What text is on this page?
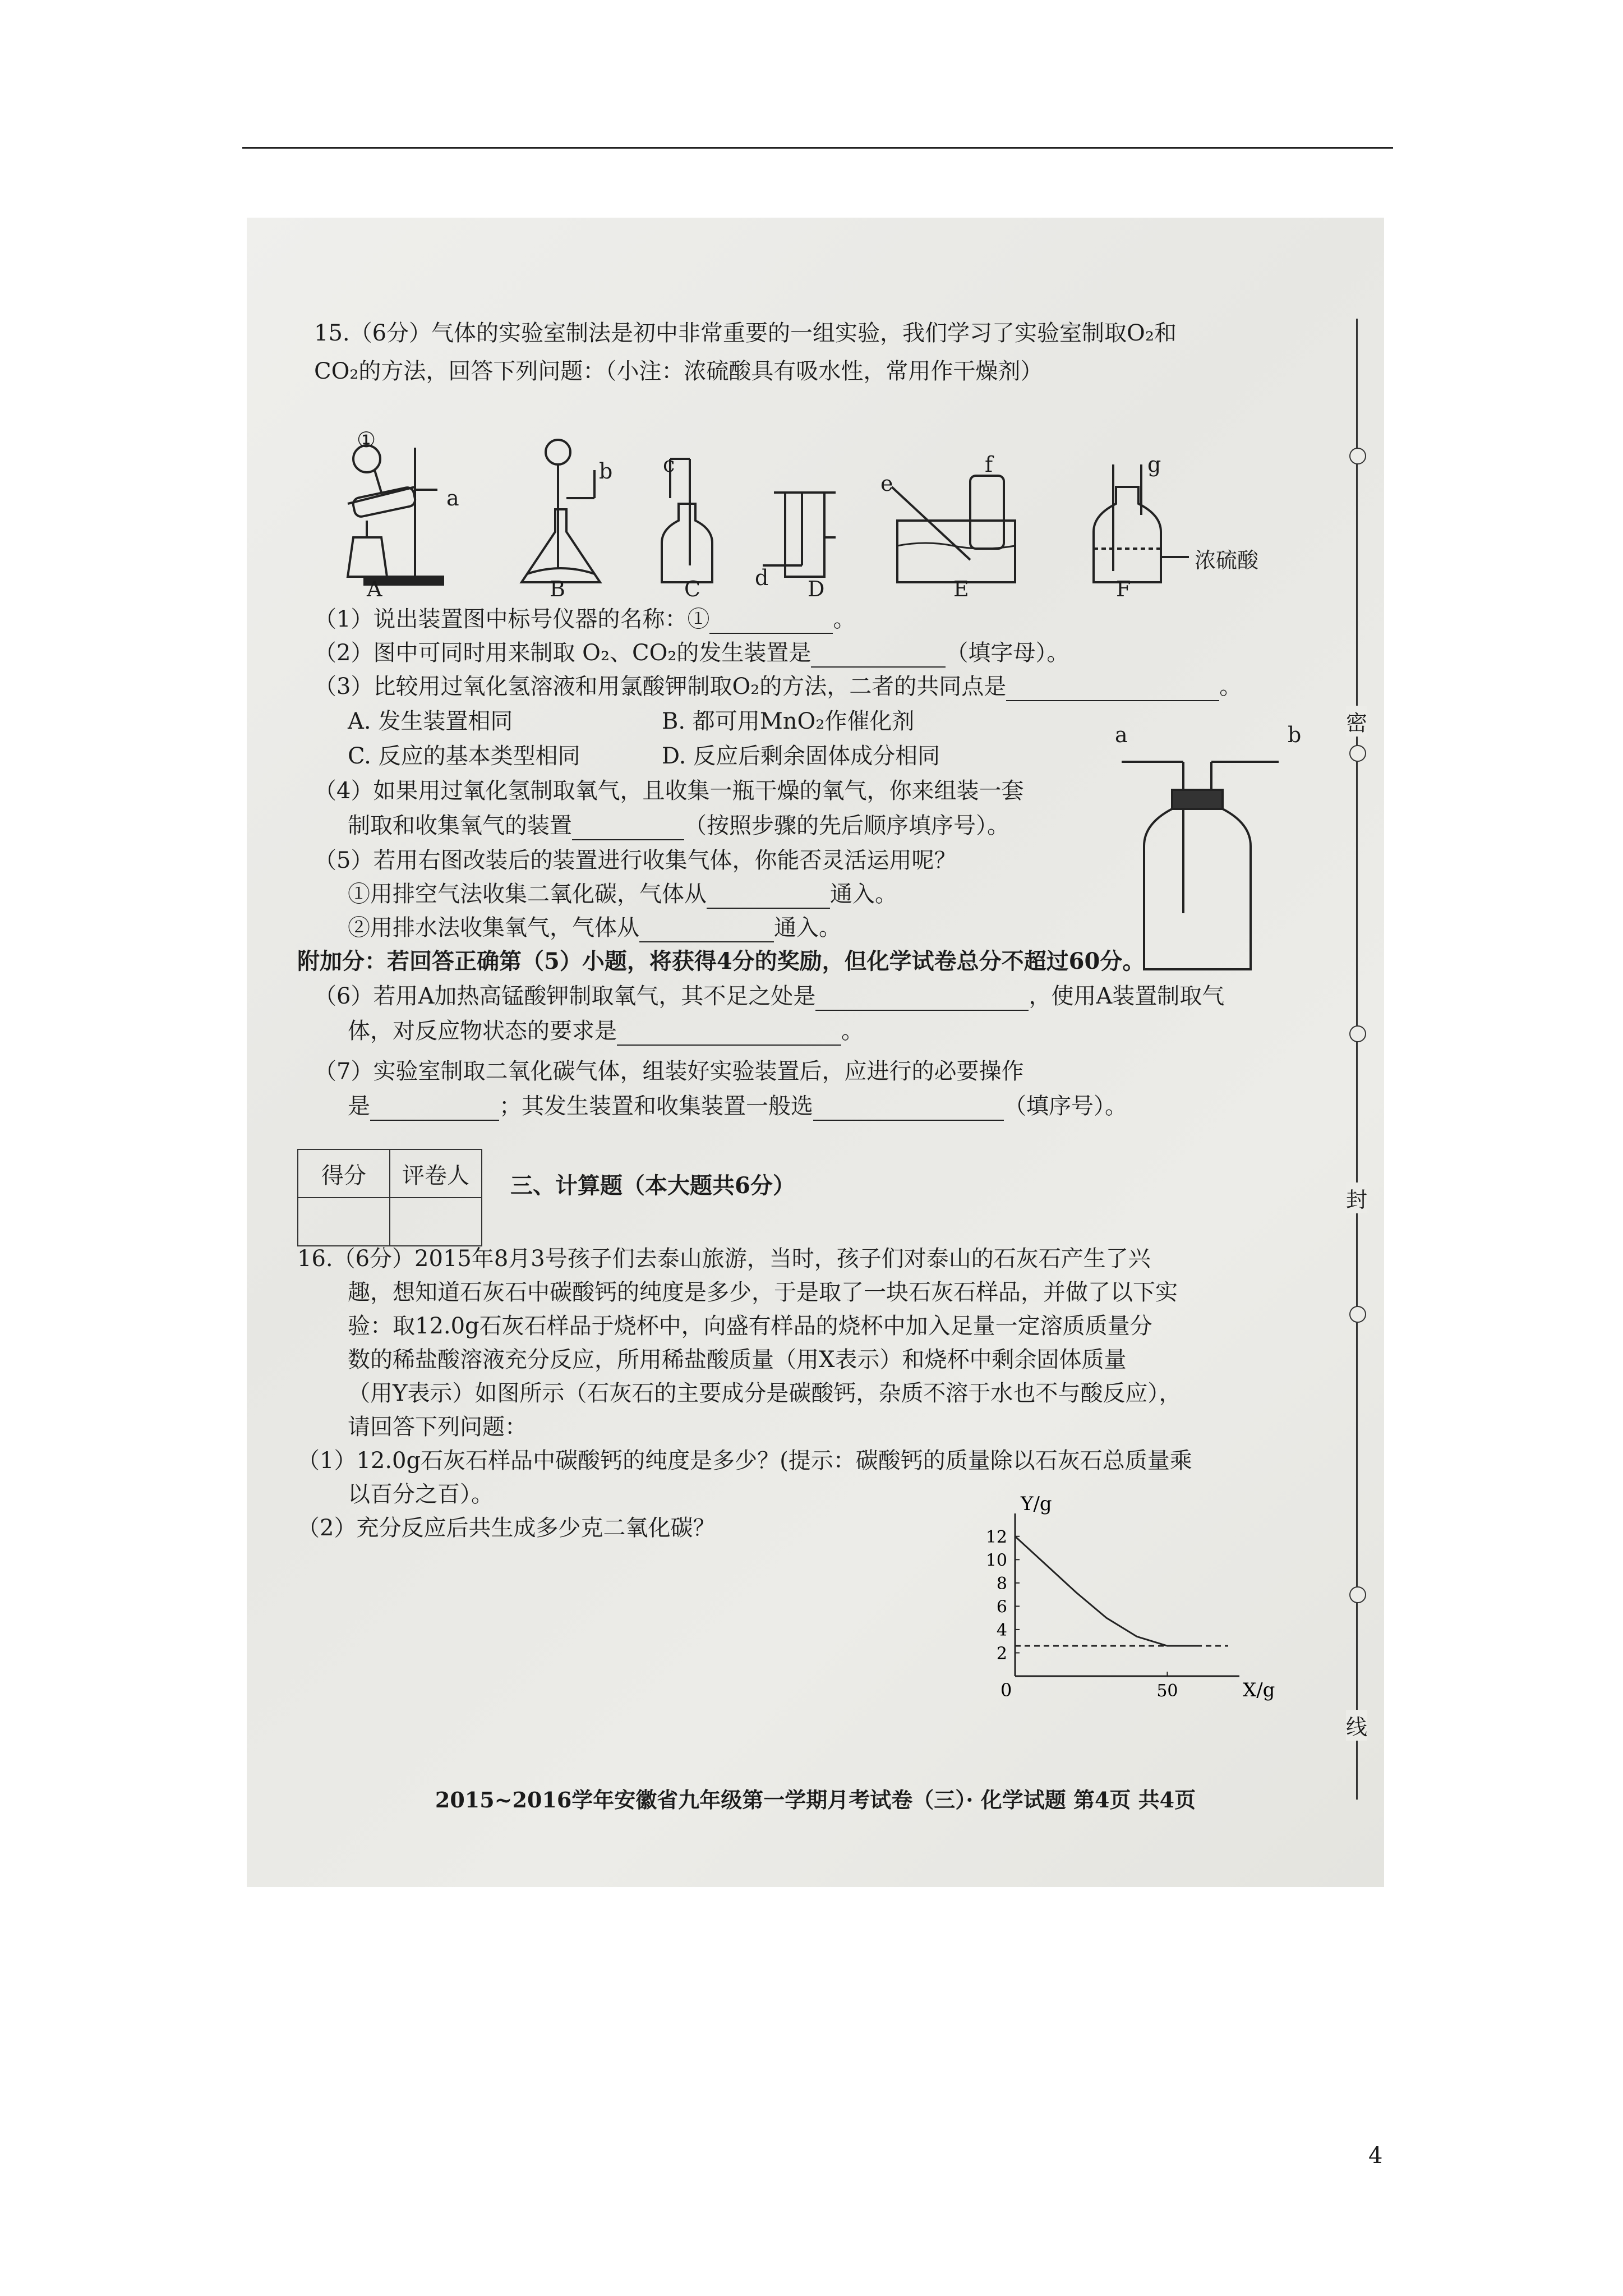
密
封
线
15.（6分）气体的实验室制法是初中非常重要的一组实验，我们学习了实验室制取O₂和
CO₂的方法，回答下列问题：（小注：浓硫酸具有吸水性，常用作干燥剂）
①
a
b c
d
e
f	g
浓硫酸
A	B	C	D	E	F
（1）说出装置图中标号仪器的名称：①	。
（2）图中可同时用来制取 O₂、CO₂的发生装置是	（填字母）。
（3）比较用过氧化氢溶液和用氯酸钾制取O₂的方法，二者的共同点是	。
A. 发生装置相同	B. 都可用MnO₂作催化剂
C. 反应的基本类型相同	D. 反应后剩余固体成分相同
（4）如果用过氧化氢制取氧气，且收集一瓶干燥的氧气，你来组装一套
制取和收集氧气的装置	（按照步骤的先后顺序填序号）。
（5）若用右图改装后的装置进行收集气体，你能否灵活运用呢？
①用排空气法收集二氧化碳，气体从	通入。
②用排水法收集氧气，气体从	通入。
a	b
附加分：若回答正确第（5）小题，将获得4分的奖励，但化学试卷总分不超过60分。
（6）若用A加热高锰酸钾制取氧气，其不足之处是	，使用A装置制取气
体，对反应物状态的要求是	。
（7）实验室制取二氧化碳气体，组装好实验装置后，应进行的必要操作
是	；其发生装置和收集装置一般选	（填序号）。
得分	评卷人
	三、计算题（本大题共6分）
16.（6分）2015年8月3号孩子们去泰山旅游，当时，孩子们对泰山的石灰石产生了兴
趣，想知道石灰石中碳酸钙的纯度是多少，于是取了一块石灰石样品，并做了以下实
验：取12.0g石灰石样品于烧杯中，向盛有样品的烧杯中加入足量一定溶质质量分
数的稀盐酸溶液充分反应，所用稀盐酸质量（用X表示）和烧杯中剩余固体质量
（用Y表示）如图所示（石灰石的主要成分是碳酸钙，杂质不溶于水也不与酸反应），
请回答下列问题：
（1）12.0g石灰石样品中碳酸钙的纯度是多少？(提示：碳酸钙的质量除以石灰石总质量乘
以百分之百）。
（2）充分反应后共生成多少克二氧化碳？
2
4
6
8
10
12
50
Y/g
X/g
0
2015~2016学年安徽省九年级第一学期月考试卷（三）· 化学试题 第4页 共4页
4
